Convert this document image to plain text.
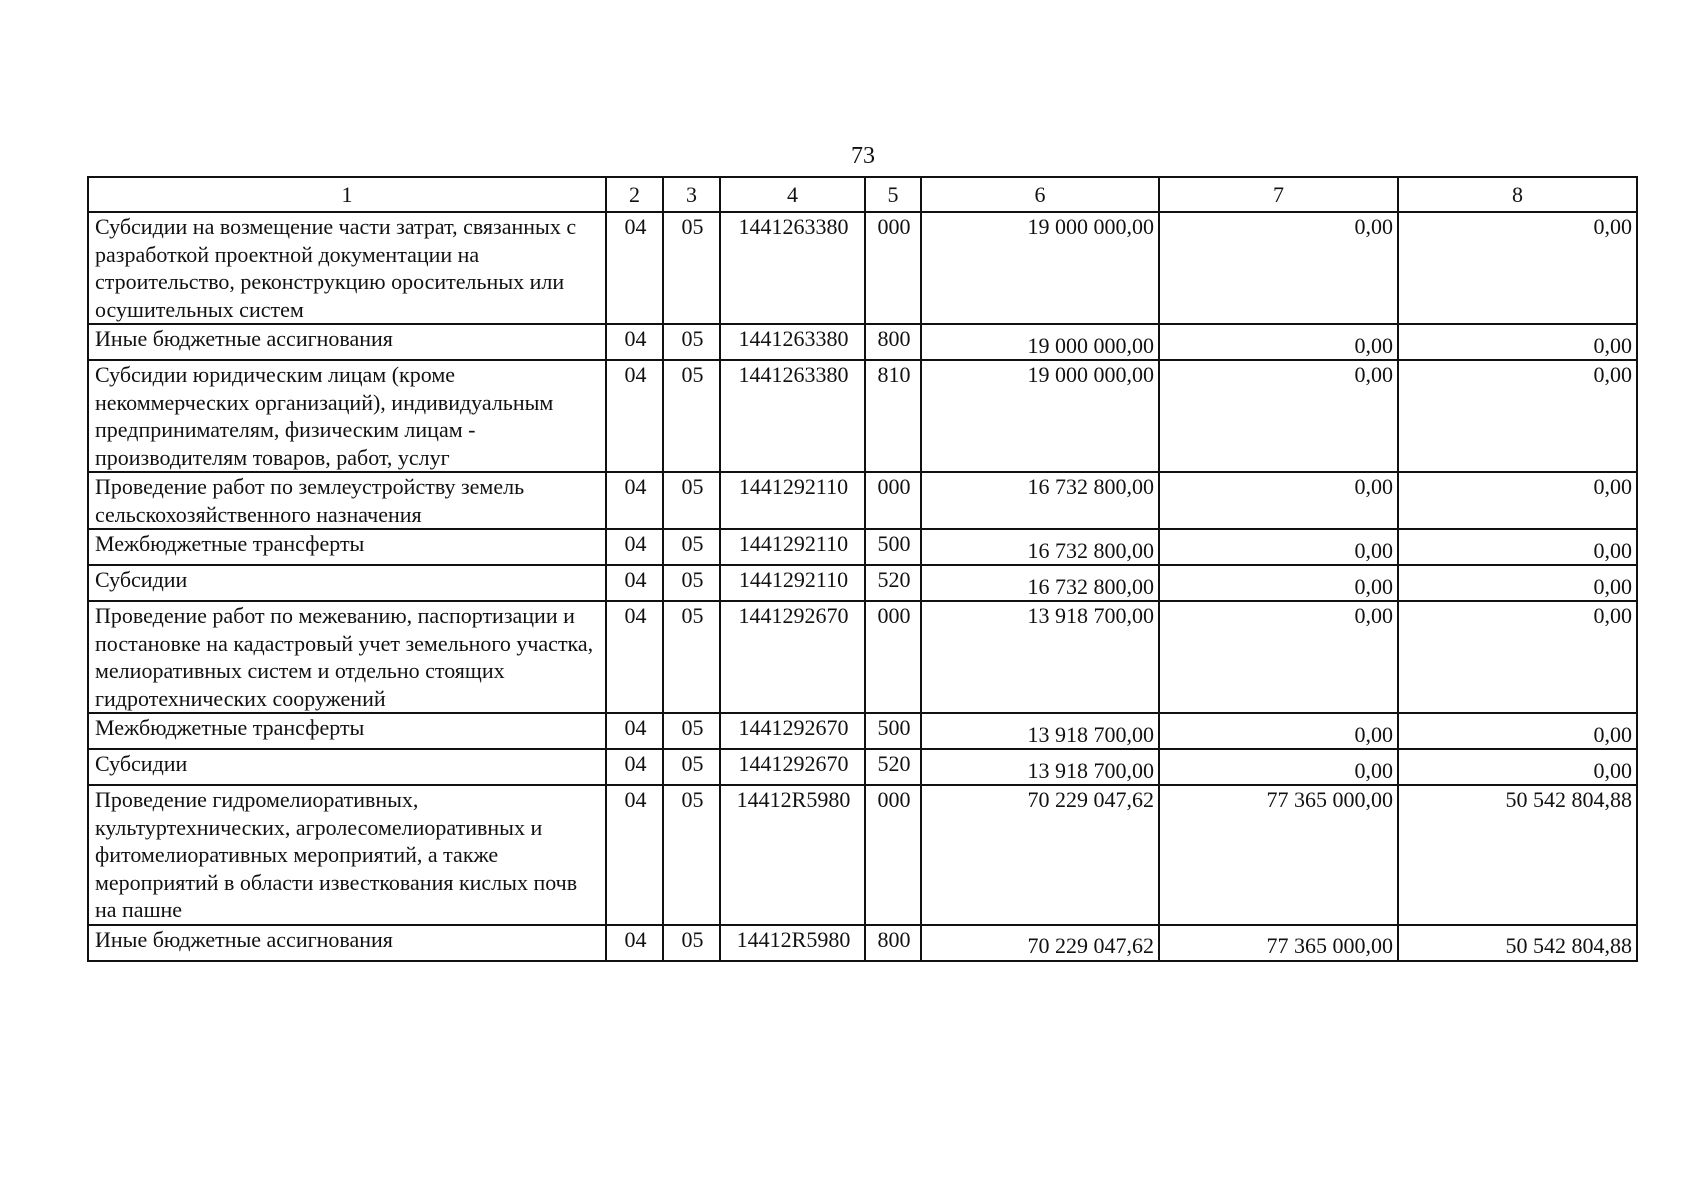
73
1	2	3	4	5	6	7	8
Субсидии на возмещение части затрат, связанных с разработкой проектной документации на строительство, реконструкцию оросительных или осушительных систем	04	05	1441263380	000	19 000 000,00	0,00	0,00
Иные бюджетные ассигнования	04	05	1441263380	800	19 000 000,00	0,00	0,00
Субсидии юридическим лицам (кроме некоммерческих организаций), индивидуальным предпринимателям, физическим лицам - производителям товаров, работ, услуг	04	05	1441263380	810	19 000 000,00	0,00	0,00
Проведение работ по землеустройству земель сельскохозяйственного назначения	04	05	1441292110	000	16 732 800,00	0,00	0,00
Межбюджетные трансферты	04	05	1441292110	500	16 732 800,00	0,00	0,00
Субсидии	04	05	1441292110	520	16 732 800,00	0,00	0,00
Проведение работ по межеванию, паспортизации и постановке на кадастровый учет земельного участка, мелиоративных систем и отдельно стоящих гидротехнических сооружений	04	05	1441292670	000	13 918 700,00	0,00	0,00
Межбюджетные трансферты	04	05	1441292670	500	13 918 700,00	0,00	0,00
Субсидии	04	05	1441292670	520	13 918 700,00	0,00	0,00
Проведение гидромелиоративных, культуртехнических, агролесомелиоративных и фитомелиоративных мероприятий, а также мероприятий в области известкования кислых почв на пашне	04	05	14412R5980	000	70 229 047,62	77 365 000,00	50 542 804,88
Иные бюджетные ассигнования	04	05	14412R5980	800	70 229 047,62	77 365 000,00	50 542 804,88
